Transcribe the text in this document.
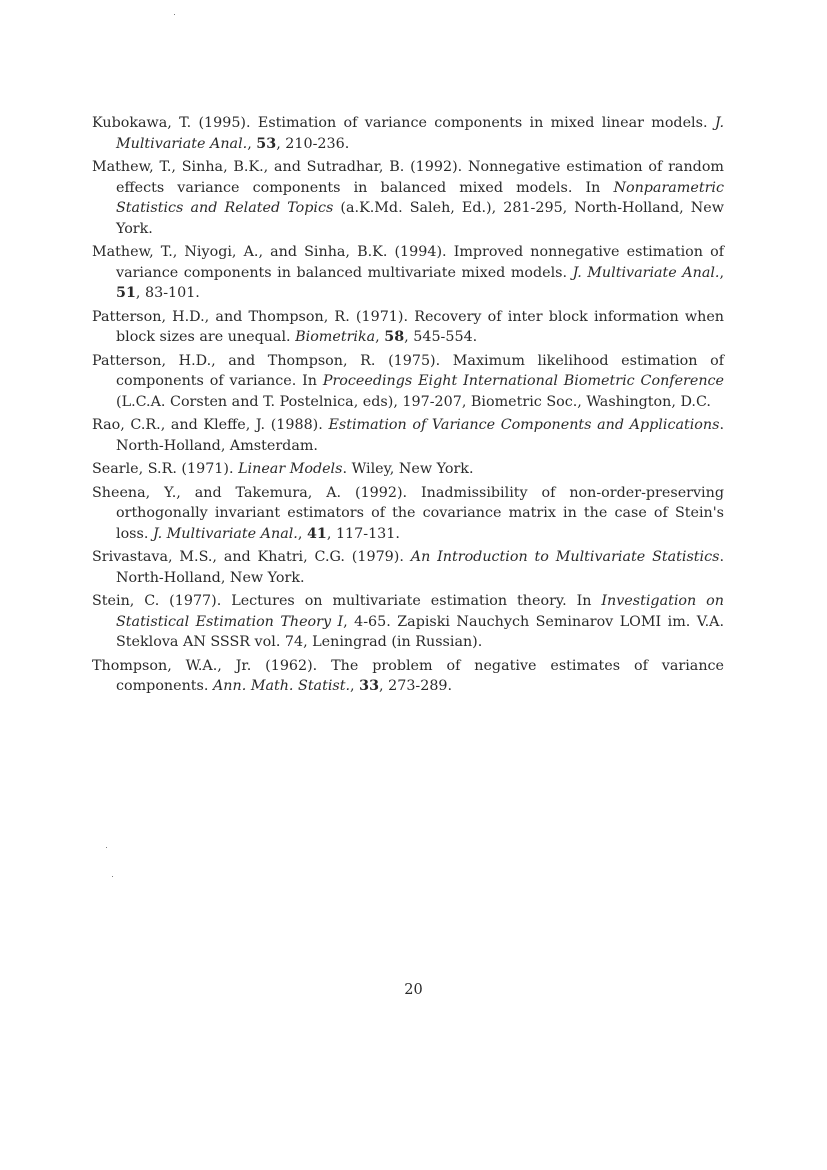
Kubokawa, T. (1995). Estimation of variance components in mixed linear models. J. Multivariate Anal., 53, 210-236.

Mathew, T., Sinha, B.K., and Sutradhar, B. (1992). Nonnegative estimation of random effects variance components in balanced mixed models. In Nonparametric Statistics and Related Topics (a.K.Md. Saleh, Ed.), 281-295, North-Holland, New York.

Mathew, T., Niyogi, A., and Sinha, B.K. (1994). Improved nonnegative estimation of variance components in balanced multivariate mixed models. J. Multivariate Anal., 51, 83-101.

Patterson, H.D., and Thompson, R. (1971). Recovery of inter block information when block sizes are unequal. Biometrika, 58, 545-554.

Patterson, H.D., and Thompson, R. (1975). Maximum likelihood estimation of components of variance. In Proceedings Eight International Biometric Conference (L.C.A. Corsten and T. Postelnica, eds), 197-207, Biometric Soc., Washington, D.C.

Rao, C.R., and Kleffe, J. (1988). Estimation of Variance Components and Applications. North-Holland, Amsterdam.

Searle, S.R. (1971). Linear Models. Wiley, New York.

Sheena, Y., and Takemura, A. (1992). Inadmissibility of non-order-preserving orthogonally invariant estimators of the covariance matrix in the case of Stein's loss. J. Multivariate Anal., 41, 117-131.

Srivastava, M.S., and Khatri, C.G. (1979). An Introduction to Multivariate Statistics. North-Holland, New York.

Stein, C. (1977). Lectures on multivariate estimation theory. In Investigation on Statistical Estimation Theory I, 4-65. Zapiski Nauchych Seminarov LOMI im. V.A. Steklova AN SSSR vol. 74, Leningrad (in Russian).

Thompson, W.A., Jr. (1962). The problem of negative estimates of variance components. Ann. Math. Statist., 33, 273-289.

20
